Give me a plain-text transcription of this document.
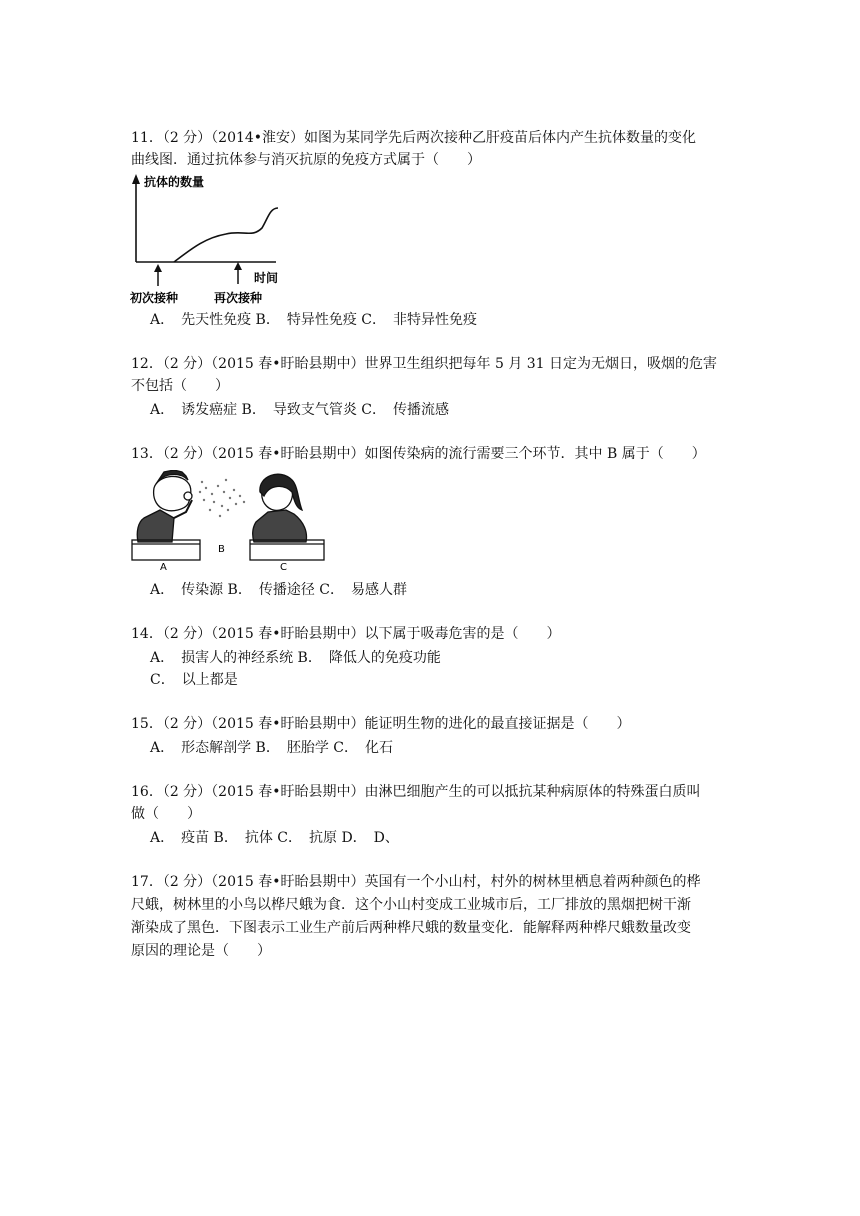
11．（2 分）（2014•淮安）如图为某同学先后两次接种乙肝疫苗后体内产生抗体数量的变化
曲线图．通过抗体参与消灭抗原的免疫方式属于（　　）
抗体的数量
时间
初次接种	再次接种
A．　先天性免疫 B．　特异性免疫 C．　非特异性免疫
12．（2 分）（2015 春•盱眙县期中）世界卫生组织把每年 5 月 31 日定为无烟日，吸烟的危害
不包括（　　）
A．　诱发癌症 B．　导致支气管炎 C．　传播流感
13．（2 分）（2015 春•盱眙县期中）如图传染病的流行需要三个环节．其中 B 属于（　　）
A
B
C
A．　传染源 B．　传播途径 C．　易感人群
14．（2 分）（2015 春•盱眙县期中）以下属于吸毒危害的是（　　）
A．　损害人的神经系统 B．　降低人的免疫功能
C．　以上都是
15．（2 分）（2015 春•盱眙县期中）能证明生物的进化的最直接证据是（　　）
A．　形态解剖学 B．　胚胎学 C．　化石
16．（2 分）（2015 春•盱眙县期中）由淋巴细胞产生的可以抵抗某种病原体的特殊蛋白质叫
做（　　）
A．　疫苗 B．　抗体 C．　抗原 D．　D、
17．（2 分）（2015 春•盱眙县期中）英国有一个小山村，村外的树林里栖息着两种颜色的桦
尺蛾，树林里的小鸟以桦尺蛾为食．这个小山村变成工业城市后，工厂排放的黑烟把树干渐
渐染成了黑色．下图表示工业生产前后两种桦尺蛾的数量变化．能解释两种桦尺蛾数量改变
原因的理论是（　　）
